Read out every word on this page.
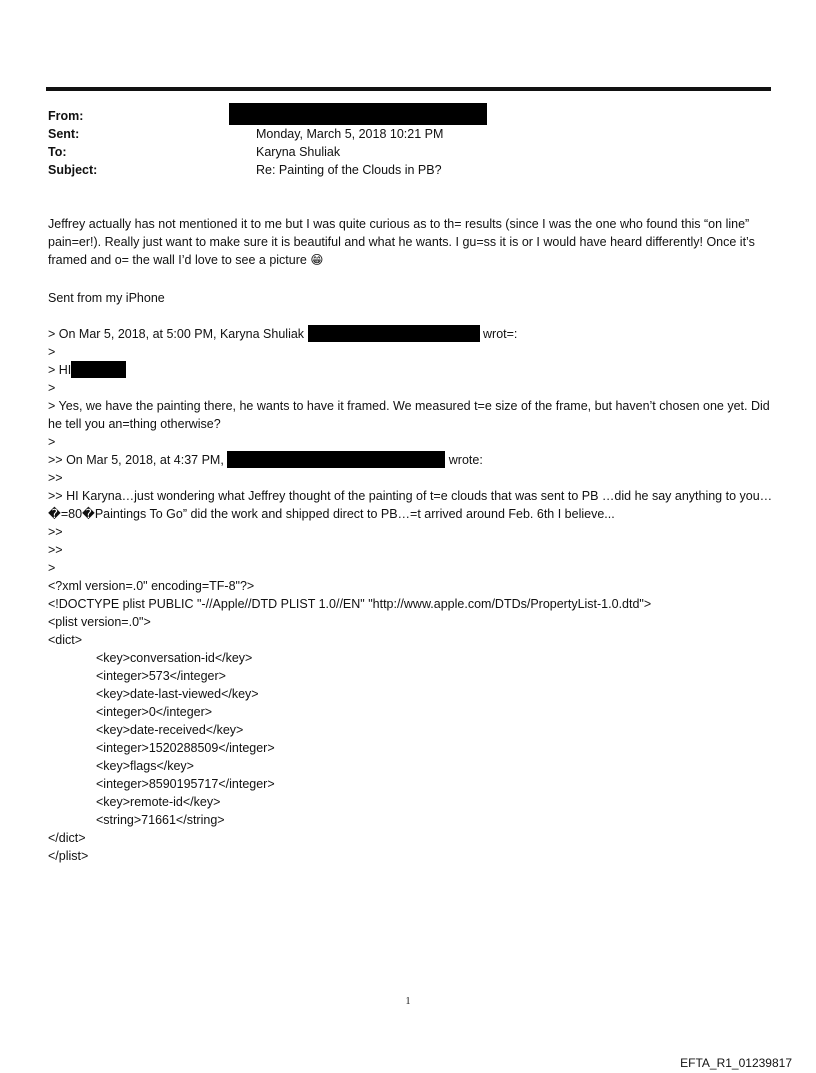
From:
Sent:	Monday, March 5, 2018 10:21 PM
To:	Karyna Shuliak
Subject:	Re: Painting of the Clouds in PB?
Jeffrey actually has not mentioned it to me but I was quite curious as to th= results (since I was the one who found this “on line” pain=er!). Really just want to make sure it is beautiful and what he wants. I gu=ss it is or I would have heard differently! Once it’s framed and o= the wall I’d love to see a picture 😁
Sent from my iPhone
> On Mar 5, 2018, at 5:00 PM, Karyna Shuliak	wrot=:
>
> HI
>
> Yes, we have the painting there, he wants to have it framed. We measured t=e size of the frame, but haven’t chosen one yet. Did he tell you an=thing otherwise?
>
>> On Mar 5, 2018, at 4:37 PM,	wrote:
>>
>> HI Karyna…just wondering what Jeffrey thought of the painting of t=e clouds that was sent to PB …did he say anything to you…�=80�Paintings To Go” did the work and shipped direct to PB…=t arrived around Feb. 6th I believe...
>>
>>
>
<?xml version=.0" encoding=TF-8"?>
<!DOCTYPE plist PUBLIC "-//Apple//DTD PLIST 1.0//EN" "http://www.apple.com/DTDs/PropertyList-1.0.dtd">
<plist version=.0">
<dict>
<key>conversation-id</key>
<integer>573</integer>
<key>date-last-viewed</key>
<integer>0</integer>
<key>date-received</key>
<integer>1520288509</integer>
<key>flags</key>
<integer>8590195717</integer>
<key>remote-id</key>
<string>71661</string>
</dict>
</plist>
1
EFTA_R1_01239817
